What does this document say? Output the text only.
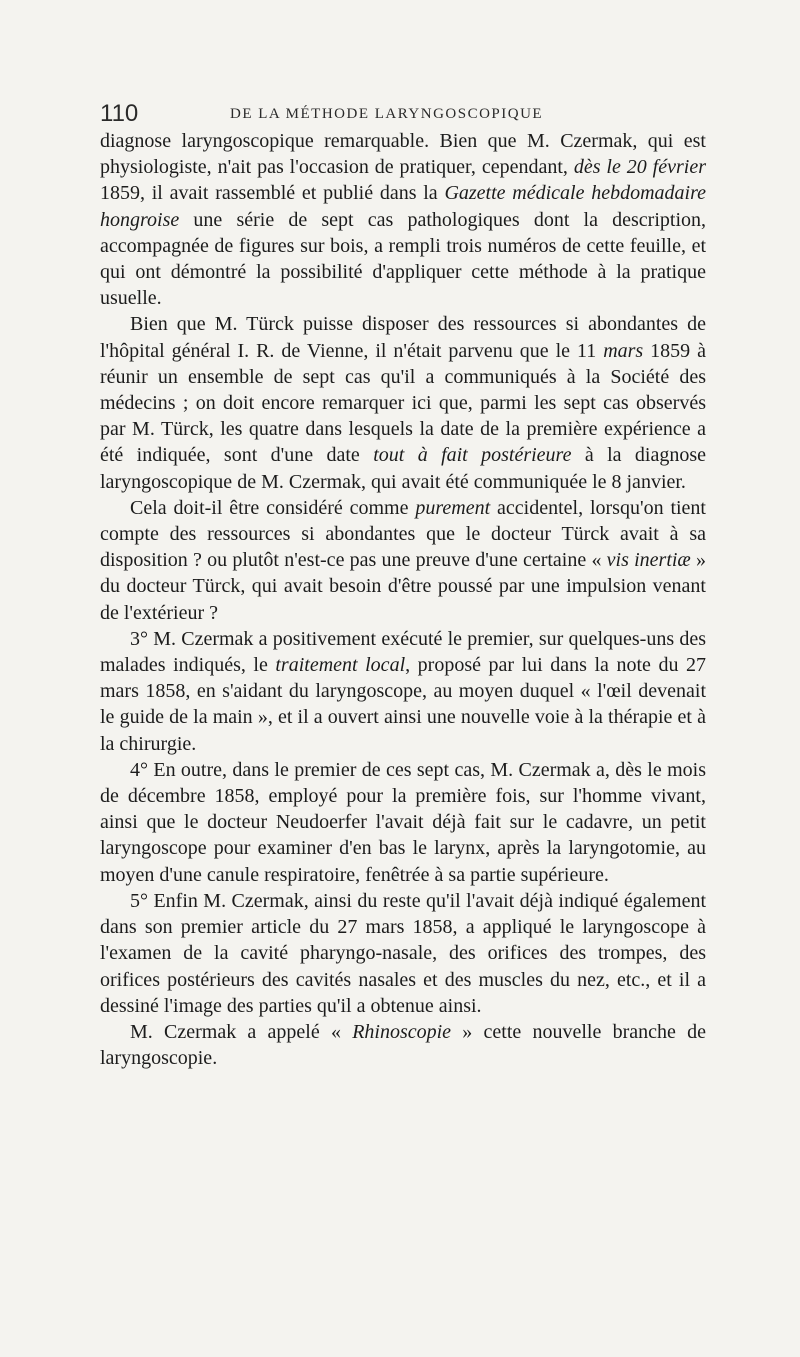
110	DE LA MÉTHODE LARYNGOSCOPIQUE

diagnose laryngoscopique remarquable. Bien que M. Czermak, qui est physiologiste, n'ait pas l'occasion de pratiquer, cependant, dès le 20 février 1859, il avait rassemblé et publié dans la Gazette médicale hebdomadaire hongroise une série de sept cas pathologiques dont la description, accompagnée de figures sur bois, a rempli trois numéros de cette feuille, et qui ont démontré la possibilité d'appliquer cette méthode à la pratique usuelle.

Bien que M. Türck puisse disposer des ressources si abondantes de l'hôpital général I. R. de Vienne, il n'était parvenu que le 11 mars 1859 à réunir un ensemble de sept cas qu'il a communiqués à la Société des médecins ; on doit encore remarquer ici que, parmi les sept cas observés par M. Türck, les quatre dans lesquels la date de la première expérience a été indiquée, sont d'une date tout à fait postérieure à la diagnose laryngoscopique de M. Czermak, qui avait été communiquée le 8 janvier.

Cela doit-il être considéré comme purement accidentel, lorsqu'on tient compte des ressources si abondantes que le docteur Türck avait à sa disposition ? ou plutôt n'est-ce pas une preuve d'une certaine « vis inertiæ » du docteur Türck, qui avait besoin d'être poussé par une impulsion venant de l'extérieur ?

3° M. Czermak a positivement exécuté le premier, sur quelques-uns des malades indiqués, le traitement local, proposé par lui dans la note du 27 mars 1858, en s'aidant du laryngoscope, au moyen duquel « l'œil devenait le guide de la main », et il a ouvert ainsi une nouvelle voie à la thérapie et à la chirurgie.

4° En outre, dans le premier de ces sept cas, M. Czermak a, dès le mois de décembre 1858, employé pour la première fois, sur l'homme vivant, ainsi que le docteur Neudoerfer l'avait déjà fait sur le cadavre, un petit laryngoscope pour examiner d'en bas le larynx, après la laryngotomie, au moyen d'une canule respiratoire, fenêtrée à sa partie supérieure.

5° Enfin M. Czermak, ainsi du reste qu'il l'avait déjà indiqué également dans son premier article du 27 mars 1858, a appliqué le laryngoscope à l'examen de la cavité pharyngo-nasale, des orifices des trompes, des orifices postérieurs des cavités nasales et des muscles du nez, etc., et il a dessiné l'image des parties qu'il a obtenue ainsi.

M. Czermak a appelé « Rhinoscopie » cette nouvelle branche de laryngoscopie.
